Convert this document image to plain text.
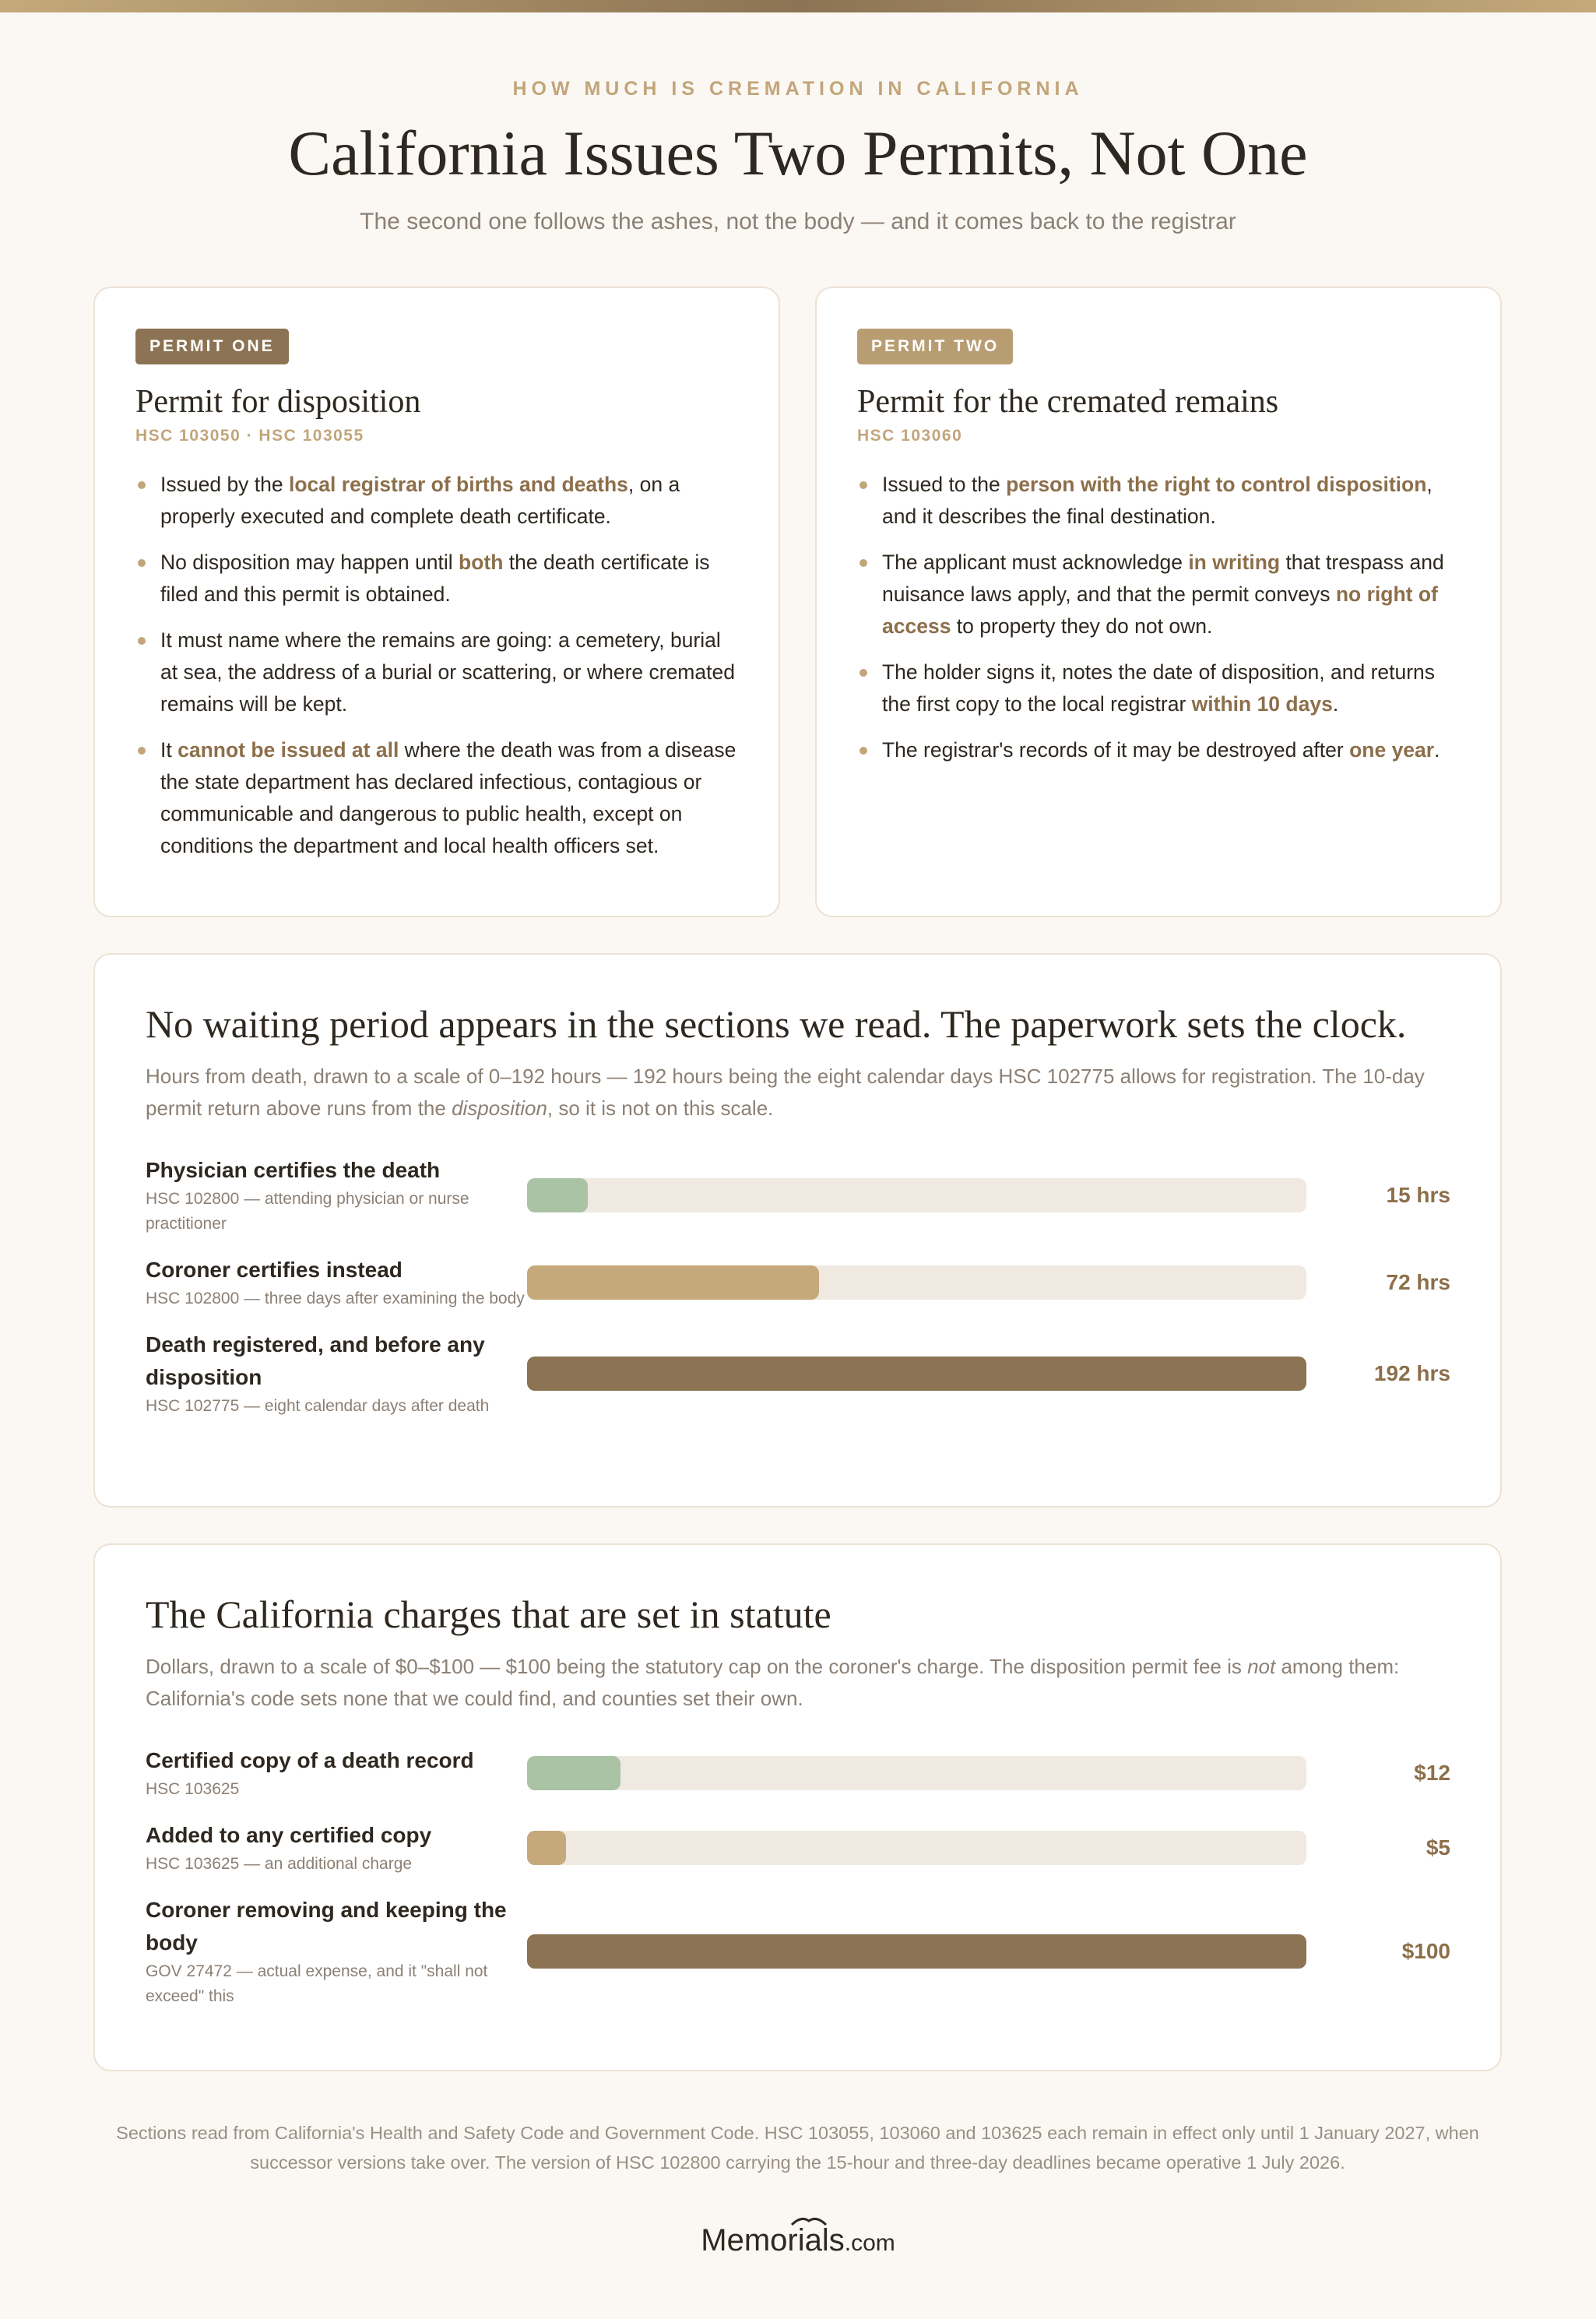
HOW MUCH IS CREMATION IN CALIFORNIA
California Issues Two Permits, Not One
The second one follows the ashes, not the body — and it comes back to the registrar
PERMIT ONE
Permit for disposition
HSC 103050 · HSC 103055
Issued by the local registrar of births and deaths, on a properly executed and complete death certificate.
No disposition may happen until both the death certificate is filed and this permit is obtained.
It must name where the remains are going: a cemetery, burial at sea, the address of a burial or scattering, or where cremated remains will be kept.
It cannot be issued at all where the death was from a disease the state department has declared infectious, contagious or communicable and dangerous to public health, except on conditions the department and local health officers set.
PERMIT TWO
Permit for the cremated remains
HSC 103060
Issued to the person with the right to control disposition, and it describes the final destination.
The applicant must acknowledge in writing that trespass and nuisance laws apply, and that the permit conveys no right of access to property they do not own.
The holder signs it, notes the date of disposition, and returns the first copy to the local registrar within 10 days.
The registrar's records of it may be destroyed after one year.
No waiting period appears in the sections we read. The paperwork sets the clock.
Hours from death, drawn to a scale of 0–192 hours — 192 hours being the eight calendar days HSC 102775 allows for registration. The 10-day permit return above runs from the disposition, so it is not on this scale.
Physician certifies the death
HSC 102800 — attending physician or nurse practitioner
15 hrs
Coroner certifies instead
HSC 102800 — three days after examining the body
72 hrs
Death registered, and before any disposition
HSC 102775 — eight calendar days after death
192 hrs
The California charges that are set in statute
Dollars, drawn to a scale of $0–$100 — $100 being the statutory cap on the coroner's charge. The disposition permit fee is not among them: California's code sets none that we could find, and counties set their own.
Certified copy of a death record
HSC 103625
$12
Added to any certified copy
HSC 103625 — an additional charge
$5
Coroner removing and keeping the body
GOV 27472 — actual expense, and it "shall not exceed" this
$100
Sections read from California's Health and Safety Code and Government Code. HSC 103055, 103060 and 103625 each remain in effect only until 1 January 2027, when successor versions take over. The version of HSC 102800 carrying the 15-hour and three-day deadlines became operative 1 July 2026.
Memorials.com
